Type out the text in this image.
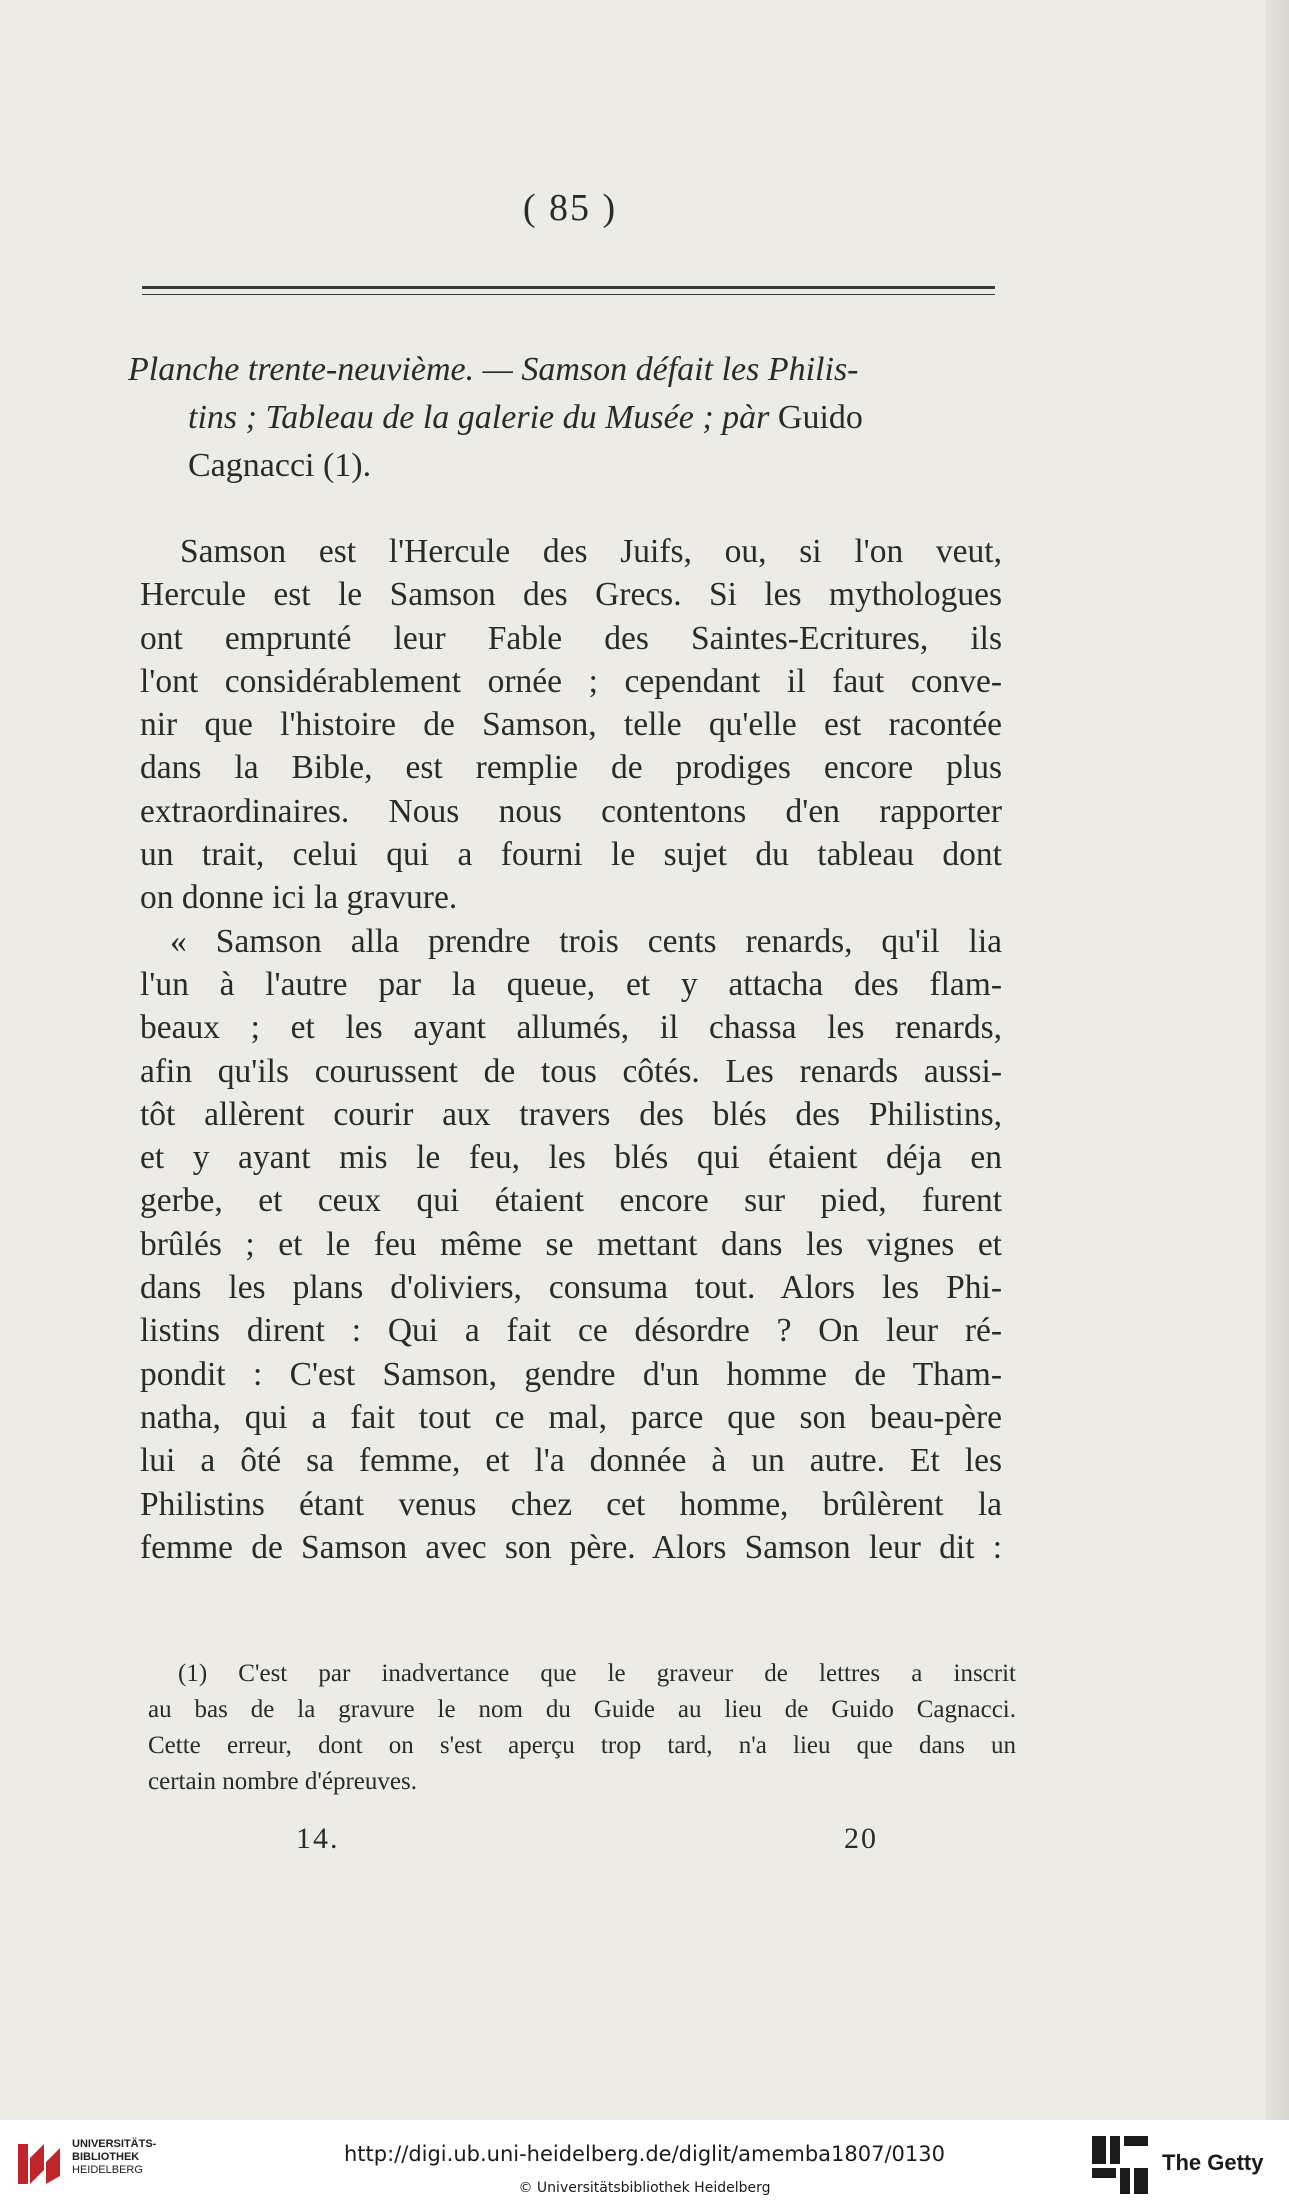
( 85 )
Planche trente-neuvième. — Samson défait les Philis-
tins ; Tableau de la galerie du Musée ; pàr Guido
Cagnacci (1).
Samson est l'Hercule des Juifs, ou, si l'on veut,
Hercule est le Samson des Grecs. Si les mythologues
ont emprunté leur Fable des Saintes-Ecritures, ils
l'ont considérablement ornée ; cependant il faut conve-
nir que l'histoire de Samson, telle qu'elle est racontée
dans la Bible, est remplie de prodiges encore plus
extraordinaires. Nous nous contentons d'en rapporter
un trait, celui qui a fourni le sujet du tableau dont
on donne ici la gravure.
« Samson alla prendre trois cents renards, qu'il lia
l'un à l'autre par la queue, et y attacha des flam-
beaux ; et les ayant allumés, il chassa les renards,
afin qu'ils courussent de tous côtés. Les renards aussi-
tôt allèrent courir aux travers des blés des Philistins,
et y ayant mis le feu, les blés qui étaient déja en
gerbe, et ceux qui étaient encore sur pied, furent
brûlés ; et le feu même se mettant dans les vignes et
dans les plans d'oliviers, consuma tout. Alors les Phi-
listins dirent : Qui a fait ce désordre ? On leur ré-
pondit : C'est Samson, gendre d'un homme de Tham-
natha, qui a fait tout ce mal, parce que son beau-père
lui a ôté sa femme, et l'a donnée à un autre. Et les
Philistins étant venus chez cet homme, brûlèrent la
femme de Samson avec son père. Alors Samson leur dit :
(1) C'est par inadvertance que le graveur de lettres a inscrit
au bas de la gravure le nom du Guide au lieu de Guido Cagnacci.
Cette erreur, dont on s'est aperçu trop tard, n'a lieu que dans un
certain nombre d'épreuves.
14.	20
UNIVERSITÄTS-
BIBLIOTHEK
HEIDELBERG
http://digi.ub.uni-heidelberg.de/diglit/amemba1807/0130
© Universitätsbibliothek Heidelberg
The Getty
